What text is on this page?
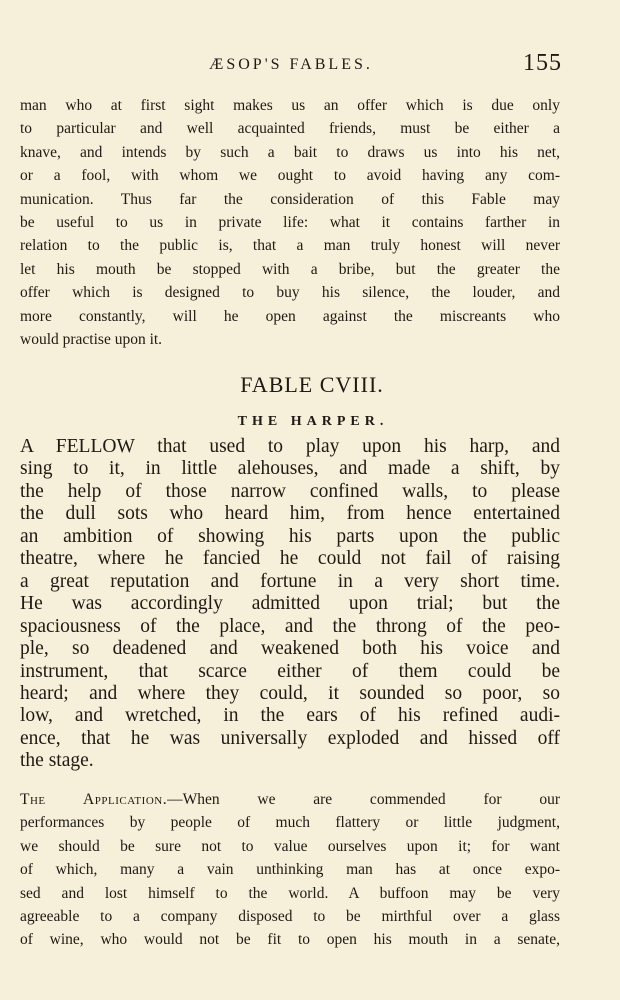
ÆSOP'S FABLES.	155
man who at first sight makes us an offer which is due only
to particular and well acquainted friends, must be either a
knave, and intends by such a bait to draws us into his net,
or a fool, with whom we ought to avoid having any com-
munication. Thus far the consideration of this Fable may
be useful to us in private life: what it contains farther in
relation to the public is, that a man truly honest will never
let his mouth be stopped with a bribe, but the greater the
offer which is designed to buy his silence, the louder, and
more constantly, will he open against the miscreants who
would practise upon it.
FABLE CVIII.
THE HARPER.
A FELLOW that used to play upon his harp, and
sing to it, in little alehouses, and made a shift, by
the help of those narrow confined walls, to please
the dull sots who heard him, from hence entertained
an ambition of showing his parts upon the public
theatre, where he fancied he could not fail of raising
a great reputation and fortune in a very short time.
He was accordingly admitted upon trial; but the
spaciousness of the place, and the throng of the peo-
ple, so deadened and weakened both his voice and
instrument, that scarce either of them could be
heard; and where they could, it sounded so poor, so
low, and wretched, in the ears of his refined audi-
ence, that he was universally exploded and hissed off
the stage.
The Application.—When we are commended for our
performances by people of much flattery or little judgment,
we should be sure not to value ourselves upon it; for want
of which, many a vain unthinking man has at once expo-
sed and lost himself to the world. A buffoon may be very
agreeable to a company disposed to be mirthful over a glass
of wine, who would not be fit to open his mouth in a senate,
